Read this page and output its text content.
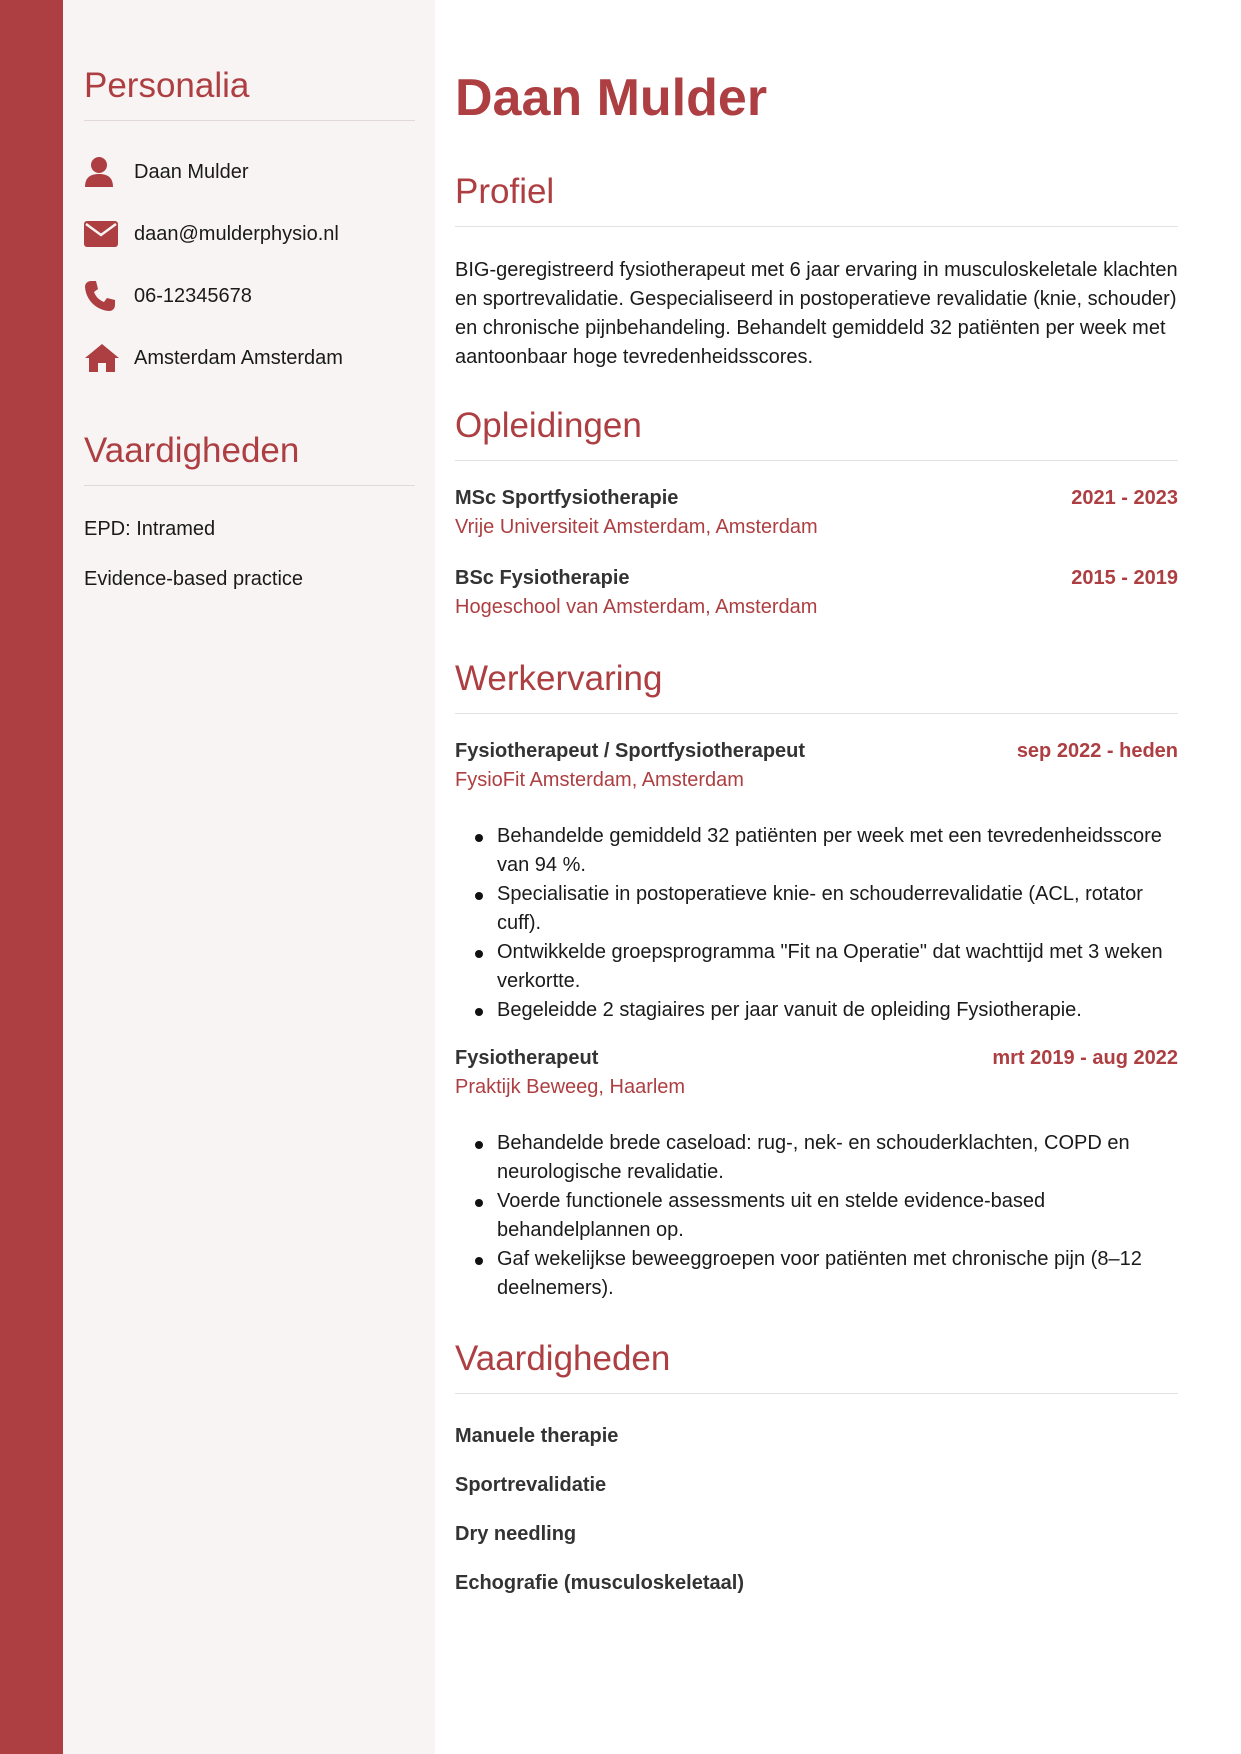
Personalia
Daan Mulder
daan@mulderphysio.nl
06-12345678
Amsterdam Amsterdam
Vaardigheden
EPD: Intramed
Evidence-based practice
Daan Mulder
Profiel

BIG-geregistreerd fysiotherapeut met 6 jaar ervaring in musculoskeletale klachten en sportrevalidatie. Gespecialiseerd in postoperatieve revalidatie (knie, schouder) en chronische pijnbehandeling. Behandelt gemiddeld 32 patiënten per week met aantoonbaar hoge tevredenheidsscores.

Opleidingen
MSc Sportfysiotherapie	2021 - 2023
Vrije Universiteit Amsterdam, Amsterdam
BSc Fysiotherapie	2015 - 2019
Hogeschool van Amsterdam, Amsterdam
Werkervaring
Fysiotherapeut / Sportfysiotherapeut	sep 2022 - heden
FysioFit Amsterdam, Amsterdam
Behandelde gemiddeld 32 patiënten per week met een tevredenheidsscore van 94 %.
Specialisatie in postoperatieve knie- en schouderrevalidatie (ACL, rotator cuff).
Ontwikkelde groepsprogramma "Fit na Operatie" dat wachttijd met 3 weken verkortte.
Begeleidde 2 stagiaires per jaar vanuit de opleiding Fysiotherapie.
Fysiotherapeut	mrt 2019 - aug 2022
Praktijk Beweeg, Haarlem
Behandelde brede caseload: rug-, nek- en schouderklachten, COPD en neurologische revalidatie.
Voerde functionele assessments uit en stelde evidence-based behandelplannen op.
Gaf wekelijkse beweeggroepen voor patiënten met chronische pijn (8–12 deelnemers).
Vaardigheden
Manuele therapie
Sportrevalidatie
Dry needling
Echografie (musculoskeletaal)
